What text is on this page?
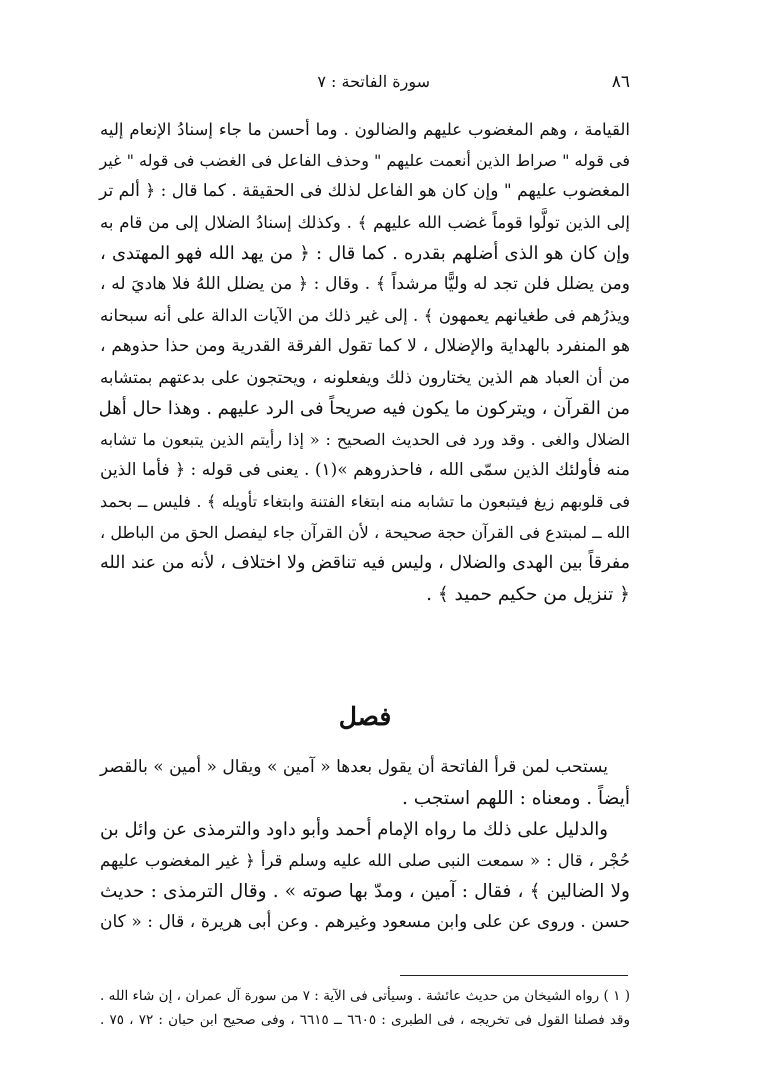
٨٦
سورة الفاتحة : ٧
القيامة ، وهم المغضوب عليهم والضالون . وما أحسن ما جاء إسنادُ الإنعام إليه
فى قوله " صراط الذين أنعمت عليهم " وحذف الفاعل فى الغضب فى قوله " غير
المغضوب عليهم " وإن كان هو الفاعل لذلك فى الحقيقة . كما قال : ﴿ ألم تر
إلى الذين تولَّوا قوماً غضب الله عليهم ﴾ . وكذلك إسنادُ الضلال إلى من قام به
وإن كان هو الذى أضلهم بقدره . كما قال : ﴿ من يهد الله فهو المهتدى ،
ومن يضلل فلن تجد له وليًّا مرشداً ﴾ . وقال : ﴿ من يضلل اللهُ فلا هاديَ له ،
ويذرُهم فى طغيانهم يعمهون ﴾ . إلى غير ذلك من الآيات الدالة على أنه سبحانه
هو المنفرد بالهداية والإضلال ، لا كما تقول الفرقة القدرية ومن حذا حذوهم ،
من أن العباد هم الذين يختارون ذلك ويفعلونه ، ويحتجون على بدعتهم بمتشابه
من القرآن ، ويتركون ما يكون فيه صريحاً فى الرد عليهم . وهذا حال أهل
الضلال والغى . وقد ورد فى الحديث الصحيح : « إذا رأيتم الذين يتبعون ما تشابه
منه فأولئك الذين سمّى الله ، فاحذروهم »(١) . يعنى فى قوله : ﴿ فأما الذين
فى قلوبهم زيغ فيتبعون ما تشابه منه ابتغاء الفتنة وابتغاء تأويله ﴾ . فليس ــ بحمد
الله ــ لمبتدع فى القرآن حجة صحيحة ، لأن القرآن جاء ليفصل الحق من الباطل ،
مفرقاً بين الهدى والضلال ، وليس فيه تناقض ولا اختلاف ، لأنه من عند الله
﴿ تنزيل من حكيم حميد ﴾ .
فصل
يستحب لمن قرأ الفاتحة أن يقول بعدها « آمين » ويقال « أمين » بالقصر
أيضاً . ومعناه : اللهم استجب .
والدليل على ذلك ما رواه الإمام أحمد وأبو داود والترمذى عن وائل بن
حُجْر ، قال : « سمعت النبى صلى الله عليه وسلم قرأ ﴿ غير المغضوب عليهم
ولا الضالين ﴾ ، فقال : آمين ، ومدّ بها صوته » . وقال الترمذى : حديث
حسن . وروى عن على وابن مسعود وغيرهم . وعن أبى هريرة ، قال : « كان
( ١ ) رواه الشيخان من حديث عائشة . وسيأتى فى الآية : ٧ من سورة آل عمران ، إن شاء الله .
وقد فصلنا القول فى تخريجه ، فى الطبرى : ٦٦٠٥ ــ ٦٦١٥ ، وفى صحيح ابن حبان : ٧٢ ، ٧٥ .
